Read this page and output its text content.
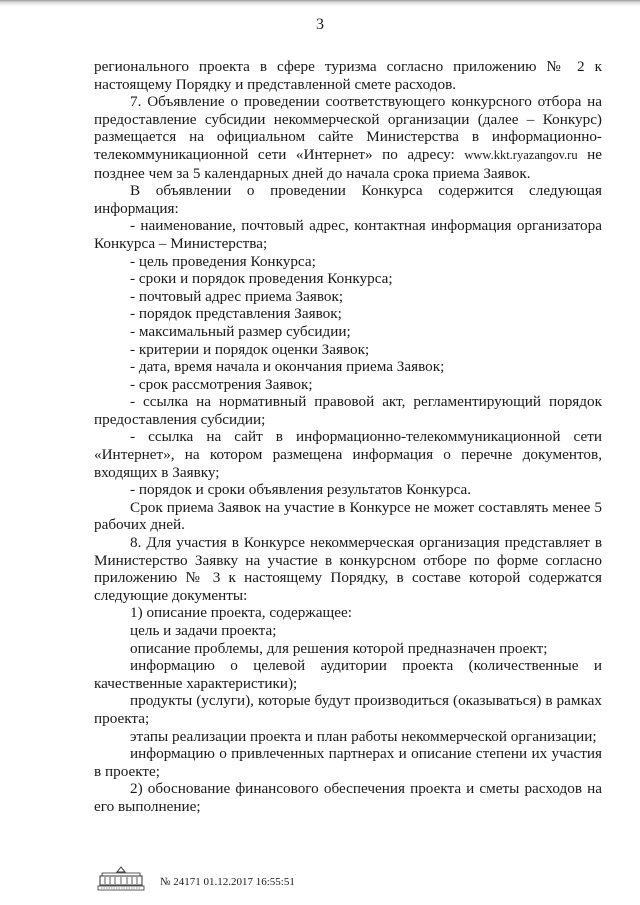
3

регионального проекта в сфере туризма согласно приложению № 2 к настоящему Порядку и представленной смете расходов.

7. Объявление о проведении соответствующего конкурсного отбора на предоставление субсидии некоммерческой организации (далее – Конкурс) размещается на официальном сайте Министерства в информационно-телекоммуникационной сети «Интернет» по адресу: www.kkt.ryazangov.ru не позднее чем за 5 календарных дней до начала срока приема Заявок.

В объявлении о проведении Конкурса содержится следующая информация:

- наименование, почтовый адрес, контактная информация организатора Конкурса – Министерства;

- цель проведения Конкурса;

- сроки и порядок проведения Конкурса;

- почтовый адрес приема Заявок;

- порядок представления Заявок;

- максимальный размер субсидии;

- критерии и порядок оценки Заявок;

- дата, время начала и окончания приема Заявок;

- срок рассмотрения Заявок;

- ссылка на нормативный правовой акт, регламентирующий порядок предоставления субсидии;

- ссылка на сайт в информационно-телекоммуникационной сети «Интернет», на котором размещена информация о перечне документов, входящих в Заявку;

- порядок и сроки объявления результатов Конкурса.

Срок приема Заявок на участие в Конкурсе не может составлять менее 5 рабочих дней.

8. Для участия в Конкурсе некоммерческая организация представляет в Министерство Заявку на участие в конкурсном отборе по форме согласно приложению № 3 к настоящему Порядку, в составе которой содержатся следующие документы:

1) описание проекта, содержащее:

цель и задачи проекта;

описание проблемы, для решения которой предназначен проект;

информацию о целевой аудитории проекта (количественные и качественные характеристики);

продукты (услуги), которые будут производиться (оказываться) в рамках проекта;

этапы реализации проекта и план работы некоммерческой организации;

информацию о привлеченных партнерах и описание степени их участия в проекте;

2) обоснование финансового обеспечения проекта и сметы расходов на его выполнение;

№ 24171 01.12.2017 16:55:51
